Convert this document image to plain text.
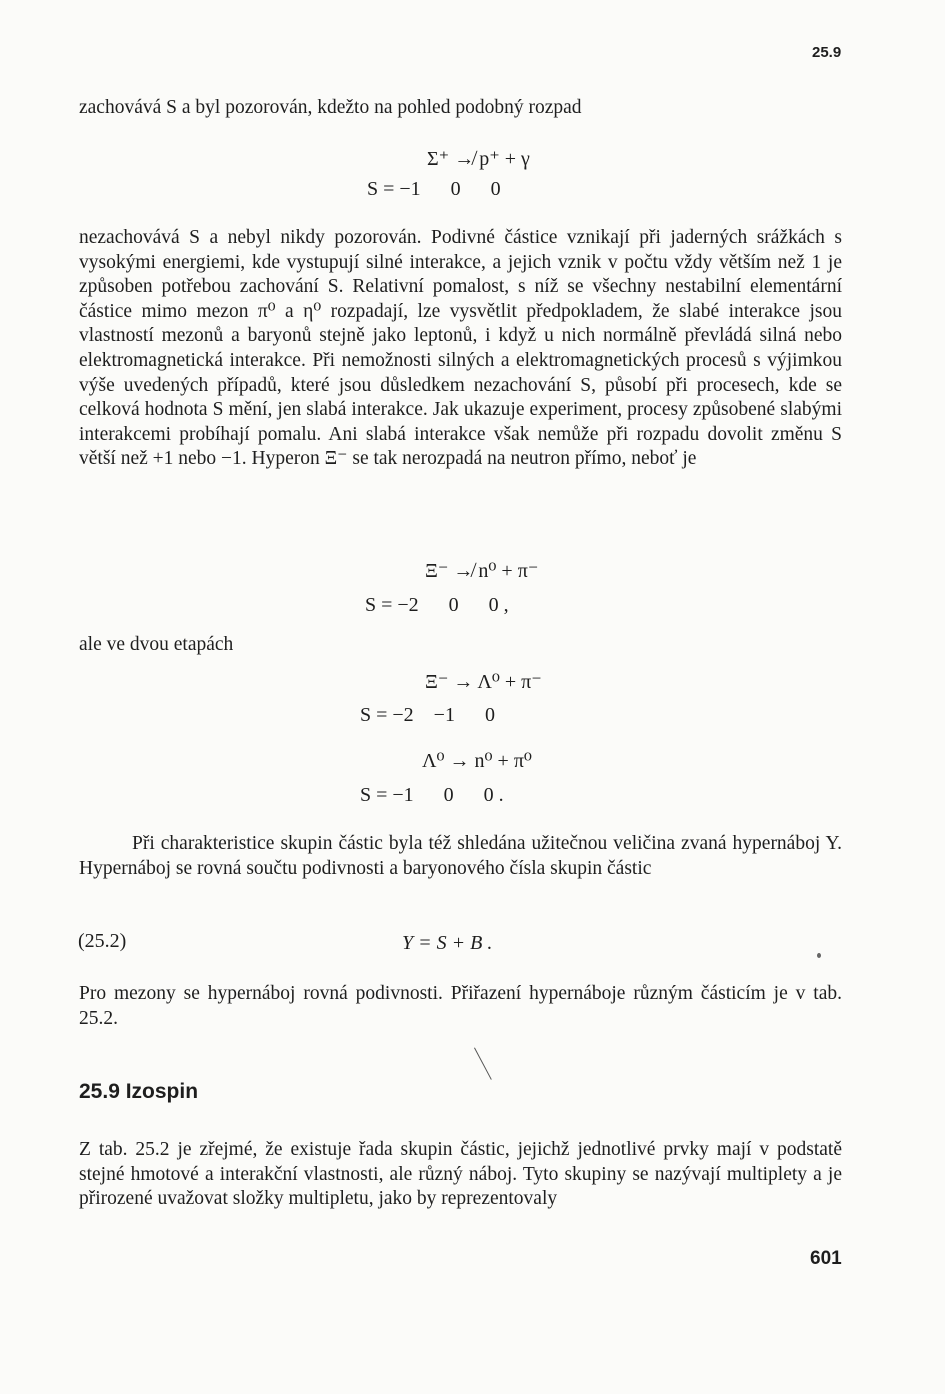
25.9
zachovává S a byl pozorován, kdežto na pohled podobný rozpad
Σ⁺ ↛ p⁺ + γ
S = −1      0      0
nezachovává S a nebyl nikdy pozorován. Podivné částice vznikají při jaderných srážkách s vysokými energiemi, kde vystupují silné interakce, a jejich vznik v počtu vždy větším než 1 je způsoben potřebou zachování S. Relativní pomalost, s níž se všechny nestabilní elementární částice mimo mezon π⁰ a η⁰ rozpadají, lze vysvětlit předpokladem, že slabé interakce jsou vlastností mezonů a baryonů stejně jako leptonů, i když u nich normálně převládá silná nebo elektromagnetická interakce. Při nemožnosti silných a elektromagnetických procesů s výjimkou výše uvedených případů, které jsou důsledkem nezachování S, působí při procesech, kde se celková hodnota S mění, jen slabá interakce. Jak ukazuje experiment, procesy způsobené slabými interakcemi probíhají pomalu. Ani slabá interakce však nemůže při rozpadu dovolit změnu S větší než +1 nebo −1. Hyperon Ξ⁻ se tak nerozpadá na neutron přímo, neboť je
Ξ⁻ ↛ n⁰ + π⁻
S = −2      0      0 ,
ale ve dvou etapách
Ξ⁻ → Λ⁰ + π⁻
S = −2    −1      0
Λ⁰ → n⁰ + π⁰
S = −1      0      0 .
Při charakteristice skupin částic byla též shledána užitečnou veličina zvaná hypernáboj Y. Hypernáboj se rovná součtu podivnosti a baryonového čísla skupin částic
(25.2)	Y = S + B .
Pro mezony se hypernáboj rovná podivnosti. Přiřazení hypernáboje různým částicím je v tab. 25.2.
25.9 Izospin
Z tab. 25.2 je zřejmé, že existuje řada skupin částic, jejichž jednotlivé prvky mají v podstatě stejné hmotové a interakční vlastnosti, ale různý náboj. Tyto skupiny se nazývají multiplety a je přirozené uvažovat složky multipletu, jako by reprezentovaly
601
